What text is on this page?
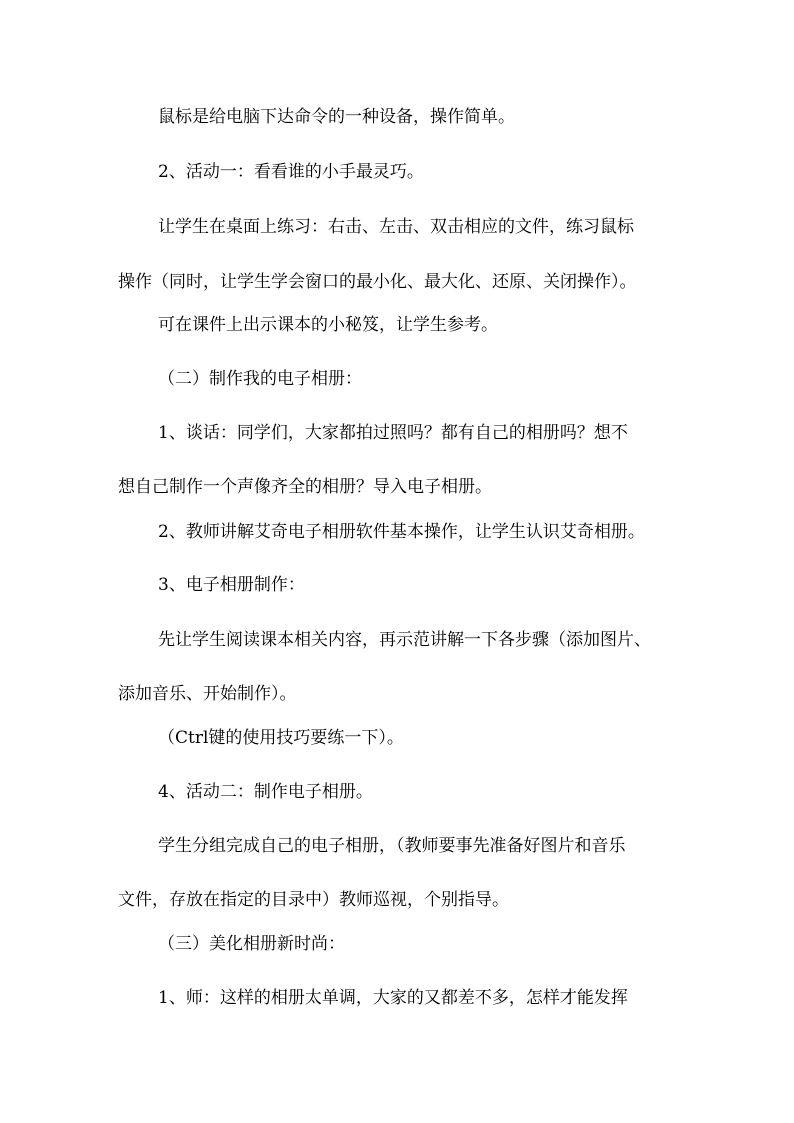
鼠标是给电脑下达命令的一种设备，操作简单。

2、活动一：看看谁的小手最灵巧。

让学生在桌面上练习：右击、左击、双击相应的文件，练习鼠标
操作（同时，让学生学会窗口的最小化、最大化、还原、关闭操作）。

可在课件上出示课本的小秘笈，让学生参考。

（二）制作我的电子相册：

1、谈话：同学们，大家都拍过照吗？都有自己的相册吗？想不
想自己制作一个声像齐全的相册？导入电子相册。

2、教师讲解艾奇电子相册软件基本操作，让学生认识艾奇相册。

3、电子相册制作：

先让学生阅读课本相关内容，再示范讲解一下各步骤（添加图片、
添加音乐、开始制作）。

（Ctrl键的使用技巧要练一下）。

4、活动二：制作电子相册。

学生分组完成自己的电子相册，（教师要事先准备好图片和音乐
文件，存放在指定的目录中）教师巡视，个别指导。

（三）美化相册新时尚：

1、师：这样的相册太单调，大家的又都差不多，怎样才能发挥
